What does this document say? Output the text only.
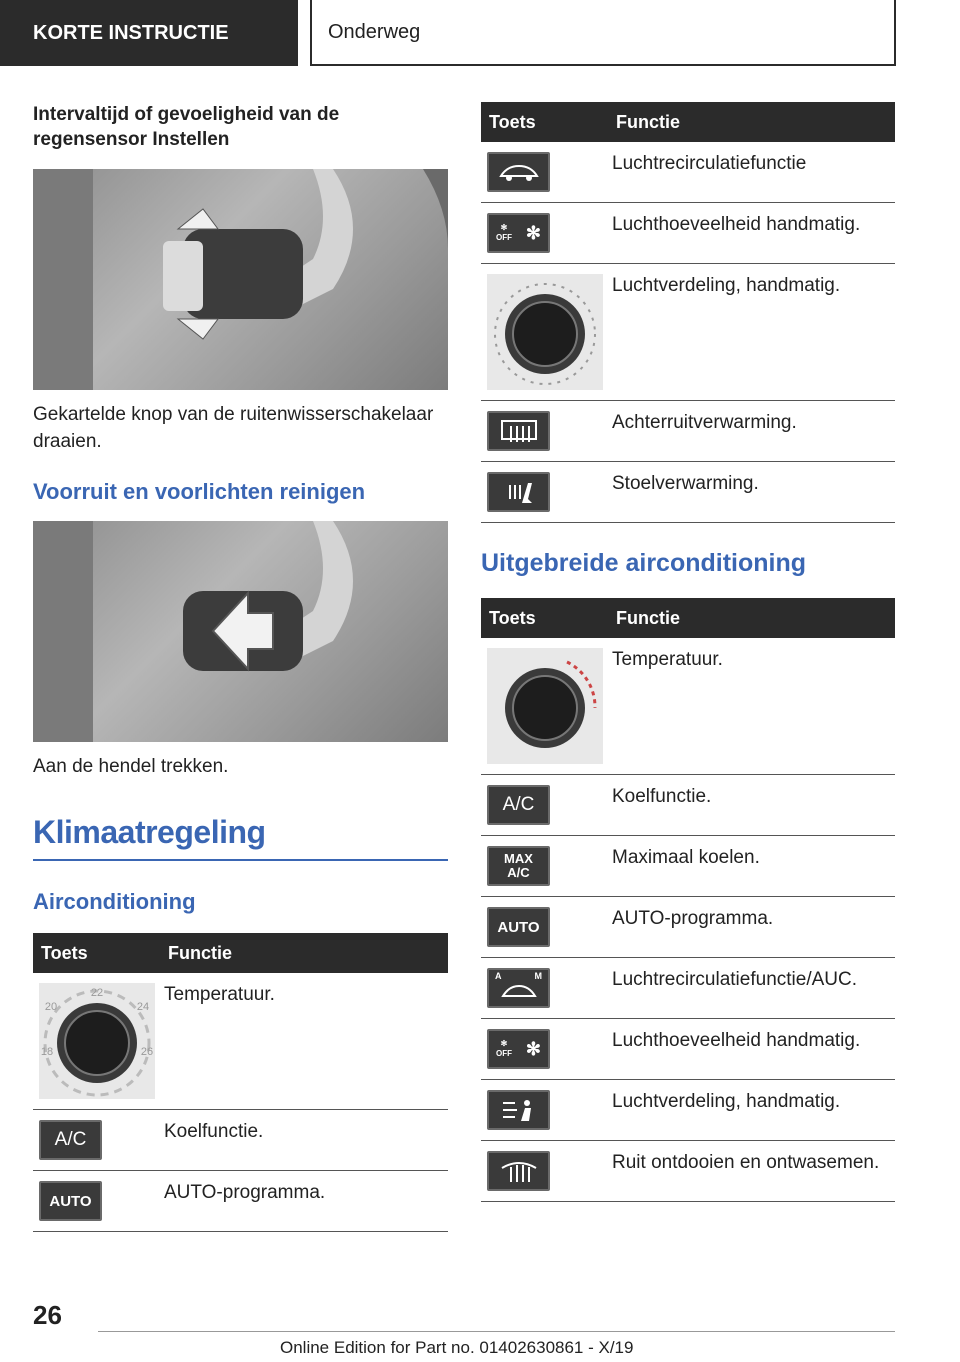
KORTE INSTRUCTIE	Onderweg
Intervaltijd of gevoeligheid van de regensensor Instellen
Gekartelde knop van de ruitenwisserschakelaar draaien.
Voorruit en voorlichten reinigen
Aan de hendel trekken.
Klimaatregeling
Airconditioning
Toets	Functie

22
20 24
18 26	Temperatuur.

A/C	Koelfunctie.

AUTO	AUTO-programma.
Toets	Functie

	Luchtrecirculatiefunctie

✻
OFF ✻	Luchthoeveelheid handmatig.

	Luchtverdeling, handmatig.

	Achterruitverwarming.

	Stoelverwarming.
Uitgebreide airconditioning
Toets	Functie

	Temperatuur.

A/C	Koelfunctie.

MAX
A/C	Maximaal koelen.

AUTO	AUTO-programma.

A M	Luchtrecirculatiefunctie/AUC.

✻
OFF ✻	Luchthoeveelheid handmatig.

	Luchtverdeling, handmatig.

	Ruit ontdooien en ontwasemen.
26
Online Edition for Part no. 01402630861 - X/19
